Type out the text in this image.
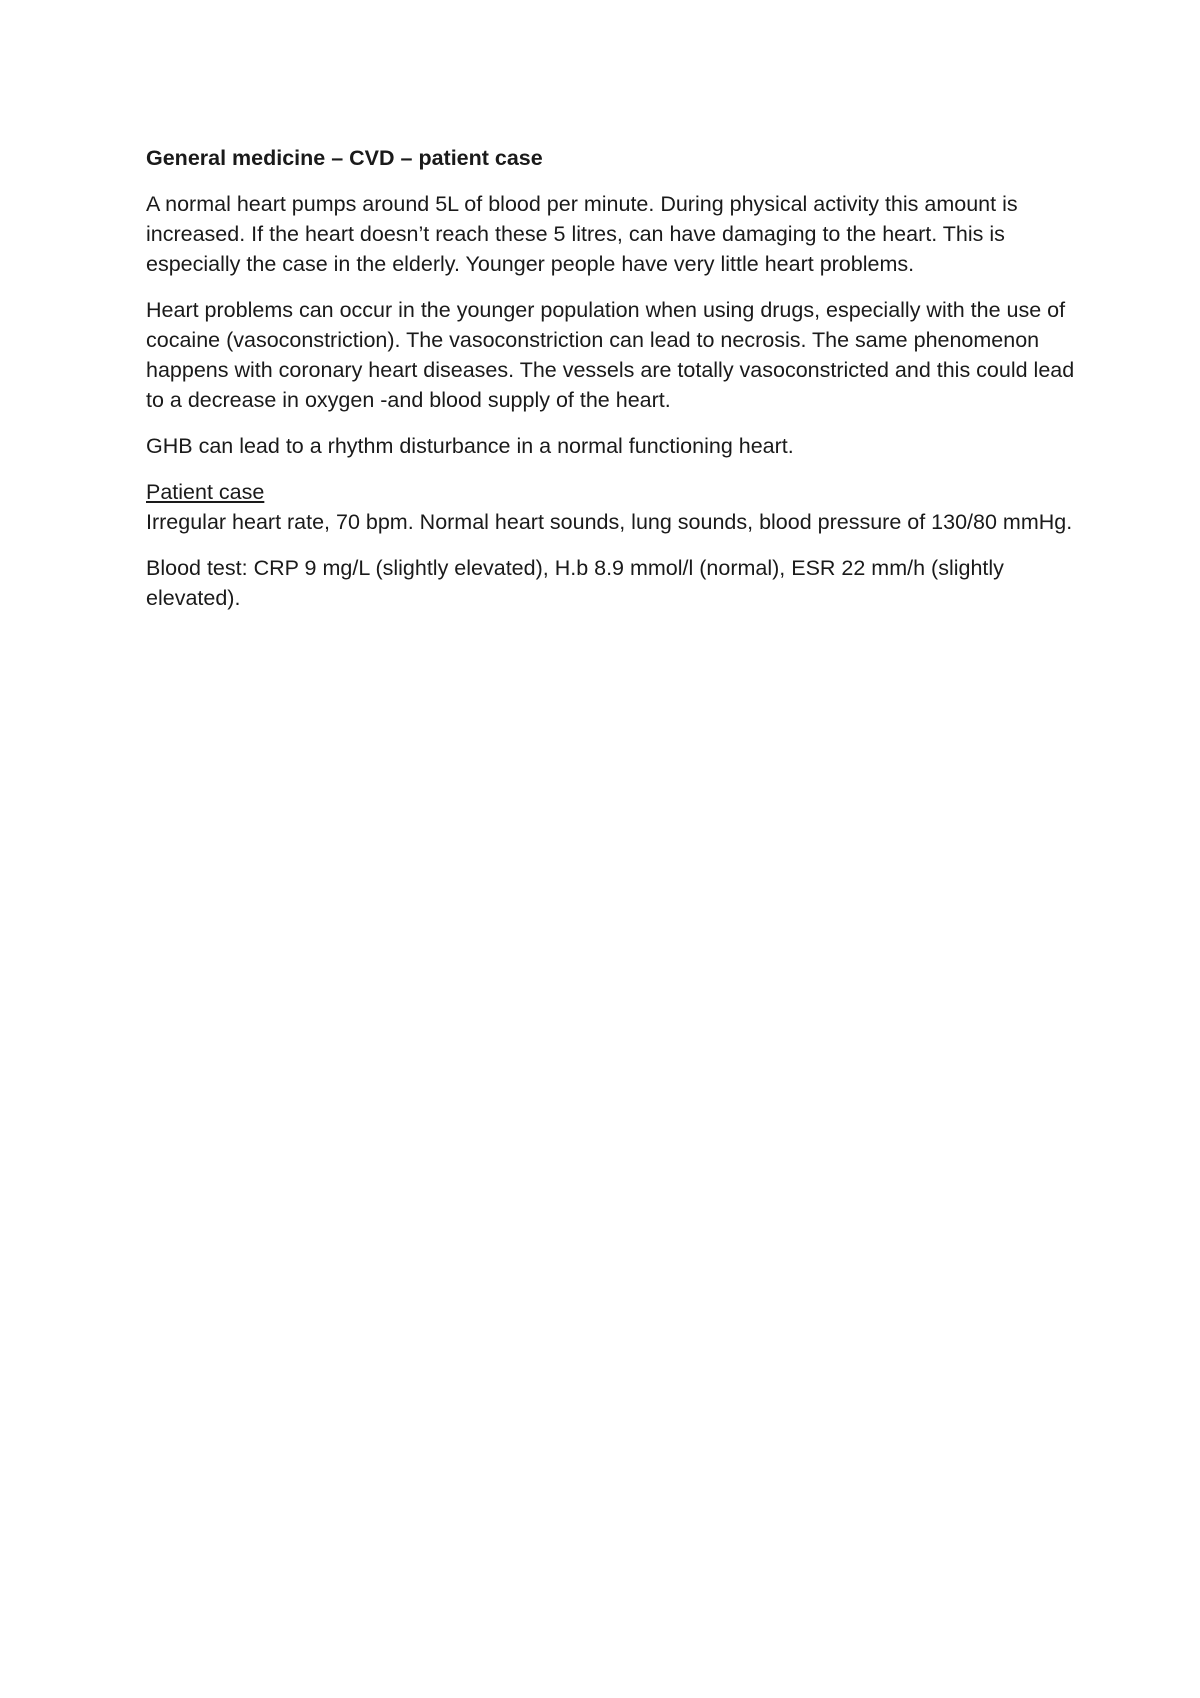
General medicine – CVD – patient case

A normal heart pumps around 5L of blood per minute. During physical activity this amount is increased. If the heart doesn’t reach these 5 litres, can have damaging to the heart. This is especially the case in the elderly. Younger people have very little heart problems.

Heart problems can occur in the younger population when using drugs, especially with the use of cocaine (vasoconstriction). The vasoconstriction can lead to necrosis. The same phenomenon happens with coronary heart diseases. The vessels are totally vasoconstricted and this could lead to a decrease in oxygen -and blood supply of the heart.

GHB can lead to a rhythm disturbance in a normal functioning heart.

Patient case

Irregular heart rate, 70 bpm. Normal heart sounds, lung sounds, blood pressure of 130/80 mmHg.

Blood test: CRP 9 mg/L (slightly elevated), H.b 8.9 mmol/l (normal), ESR 22 mm/h (slightly elevated).
